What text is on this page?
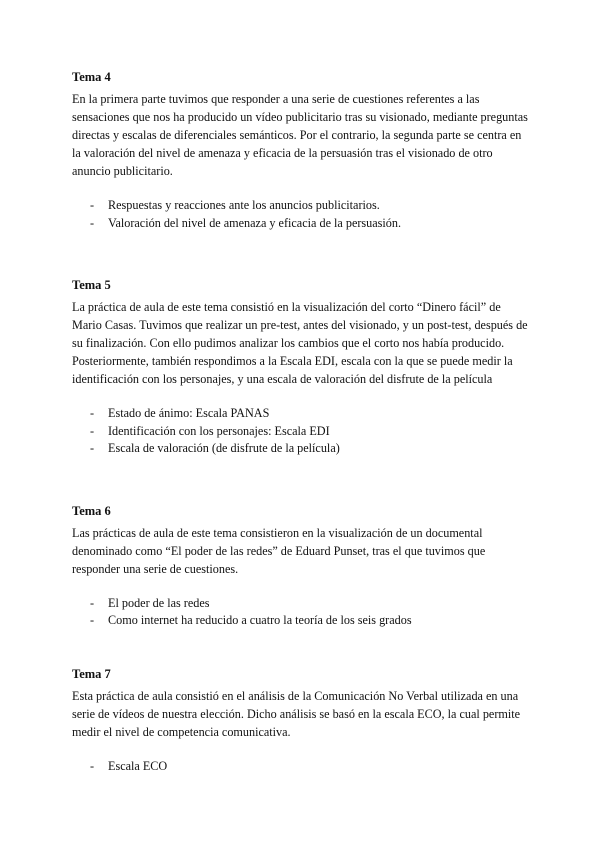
Tema 4

En la primera parte tuvimos que responder a una serie de cuestiones referentes a las sensaciones que nos ha producido un vídeo publicitario tras su visionado, mediante preguntas directas y escalas de diferenciales semánticos. Por el contrario, la segunda parte se centra en la valoración del nivel de amenaza y eficacia de la persuasión tras el visionado de otro anuncio publicitario.

- Respuestas y reacciones ante los anuncios publicitarios.
- Valoración del nivel de amenaza y eficacia de la persuasión.
Tema 5

La práctica de aula de este tema consistió en la visualización del corto “Dinero fácil” de Mario Casas. Tuvimos que realizar un pre-test, antes del visionado, y un post-test, después de su finalización. Con ello pudimos analizar los cambios que el corto nos había producido. Posteriormente, también respondimos a la Escala EDI, escala con la que se puede medir la identificación con los personajes, y una escala de valoración del disfrute de la película

- Estado de ánimo: Escala PANAS
- Identificación con los personajes: Escala EDI
- Escala de valoración (de disfrute de la película)
Tema 6

Las prácticas de aula de este tema consistieron en la visualización de un documental denominado como “El poder de las redes” de Eduard Punset, tras el que tuvimos que responder una serie de cuestiones.

- El poder de las redes
- Como internet ha reducido a cuatro la teoría de los seis grados
Tema 7

Esta práctica de aula consistió en el análisis de la Comunicación No Verbal utilizada en una serie de vídeos de nuestra elección. Dicho análisis se basó en la escala ECO, la cual permite medir el nivel de competencia comunicativa.

- Escala ECO
